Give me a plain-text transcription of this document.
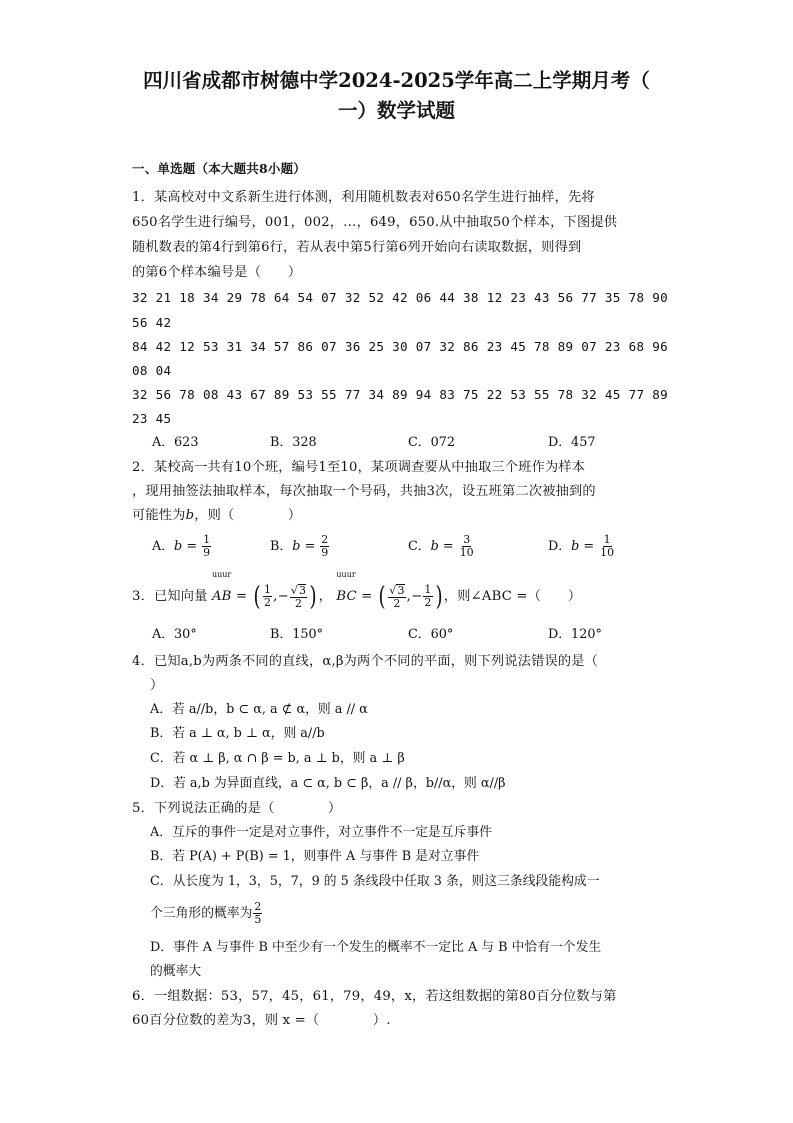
四川省成都市树德中学2024-2025学年高二上学期月考（
一）数学试题
一、单选题（本大题共8小题）
1．某高校对中文系新生进行体测，利用随机数表对650名学生进行抽样，先将
650名学生进行编号，001，002，…，649，650.从中抽取50个样本，下图提供
随机数表的第4行到第6行，若从表中第5行第6列开始向右读取数据，则得到
的第6个样本编号是（　　）
32 21 18 34 29 78 64 54 07 32 52 42 06 44 38 12 23 43 56 77 35 78 90
56 42
84 42 12 53 31 34 57 86 07 36 25 30 07 32 86 23 45 78 89 07 23 68 96
08 04
32 56 78 08 43 67 89 53 55 77 34 89 94 83 75 22 53 55 78 32 45 77 89
23 45
A．623	B．328	C．072	D．457
2．某校高一共有10个班，编号1至10，某项调查要从中抽取三个班作为样本
，现用抽签法抽取样本，每次抽取一个号码，共抽3次，设五班第二次被抽到的
可能性为b，则（　　　　）
A．$b = \frac{1}{9}$	B．$b = \frac{2}{9}$	C．$b = \frac{3}{10}$	D．$b = \frac{1}{10}$
3．已知向量
uuur
AB = ( $\frac{1}{2}$ ,− $\frac{√3}{2}$ ) ，
uuur
BC = ( $\frac{√3}{2}$ ,− $\frac{1}{2}$ ) ，则∠ABC =（　　）
A．30°	B．150°	C．60°	D．120°
4．已知a,b为两条不同的直线，α,β为两个不同的平面，则下列说法错误的是（
）
A．若 a//b，b ⊂ α, a ⊄ α，则 a // α
B．若 a ⊥ α, b ⊥ α，则 a//b
C．若 α ⊥ β, α ∩ β = b, a ⊥ b，则 a ⊥ β
D．若 a,b 为异面直线，a ⊂ α, b ⊂ β，a // β，b//α，则 α//β
5．下列说法正确的是（　　　　）
A．互斥的事件一定是对立事件，对立事件不一定是互斥事件
B．若 P(A) + P(B) = 1，则事件 A 与事件 B 是对立事件
C．从长度为 1，3，5，7，9 的 5 条线段中任取 3 条，则这三条线段能构成一
个三角形的概率为 $\frac{2}{5}$
D．事件 A 与事件 B 中至少有一个发生的概率不一定比 A 与 B 中恰有一个发生
的概率大
6．一组数据：53，57，45，61，79，49，x，若这组数据的第80百分位数与第
60百分位数的差为3，则 x =（　　　　）.
